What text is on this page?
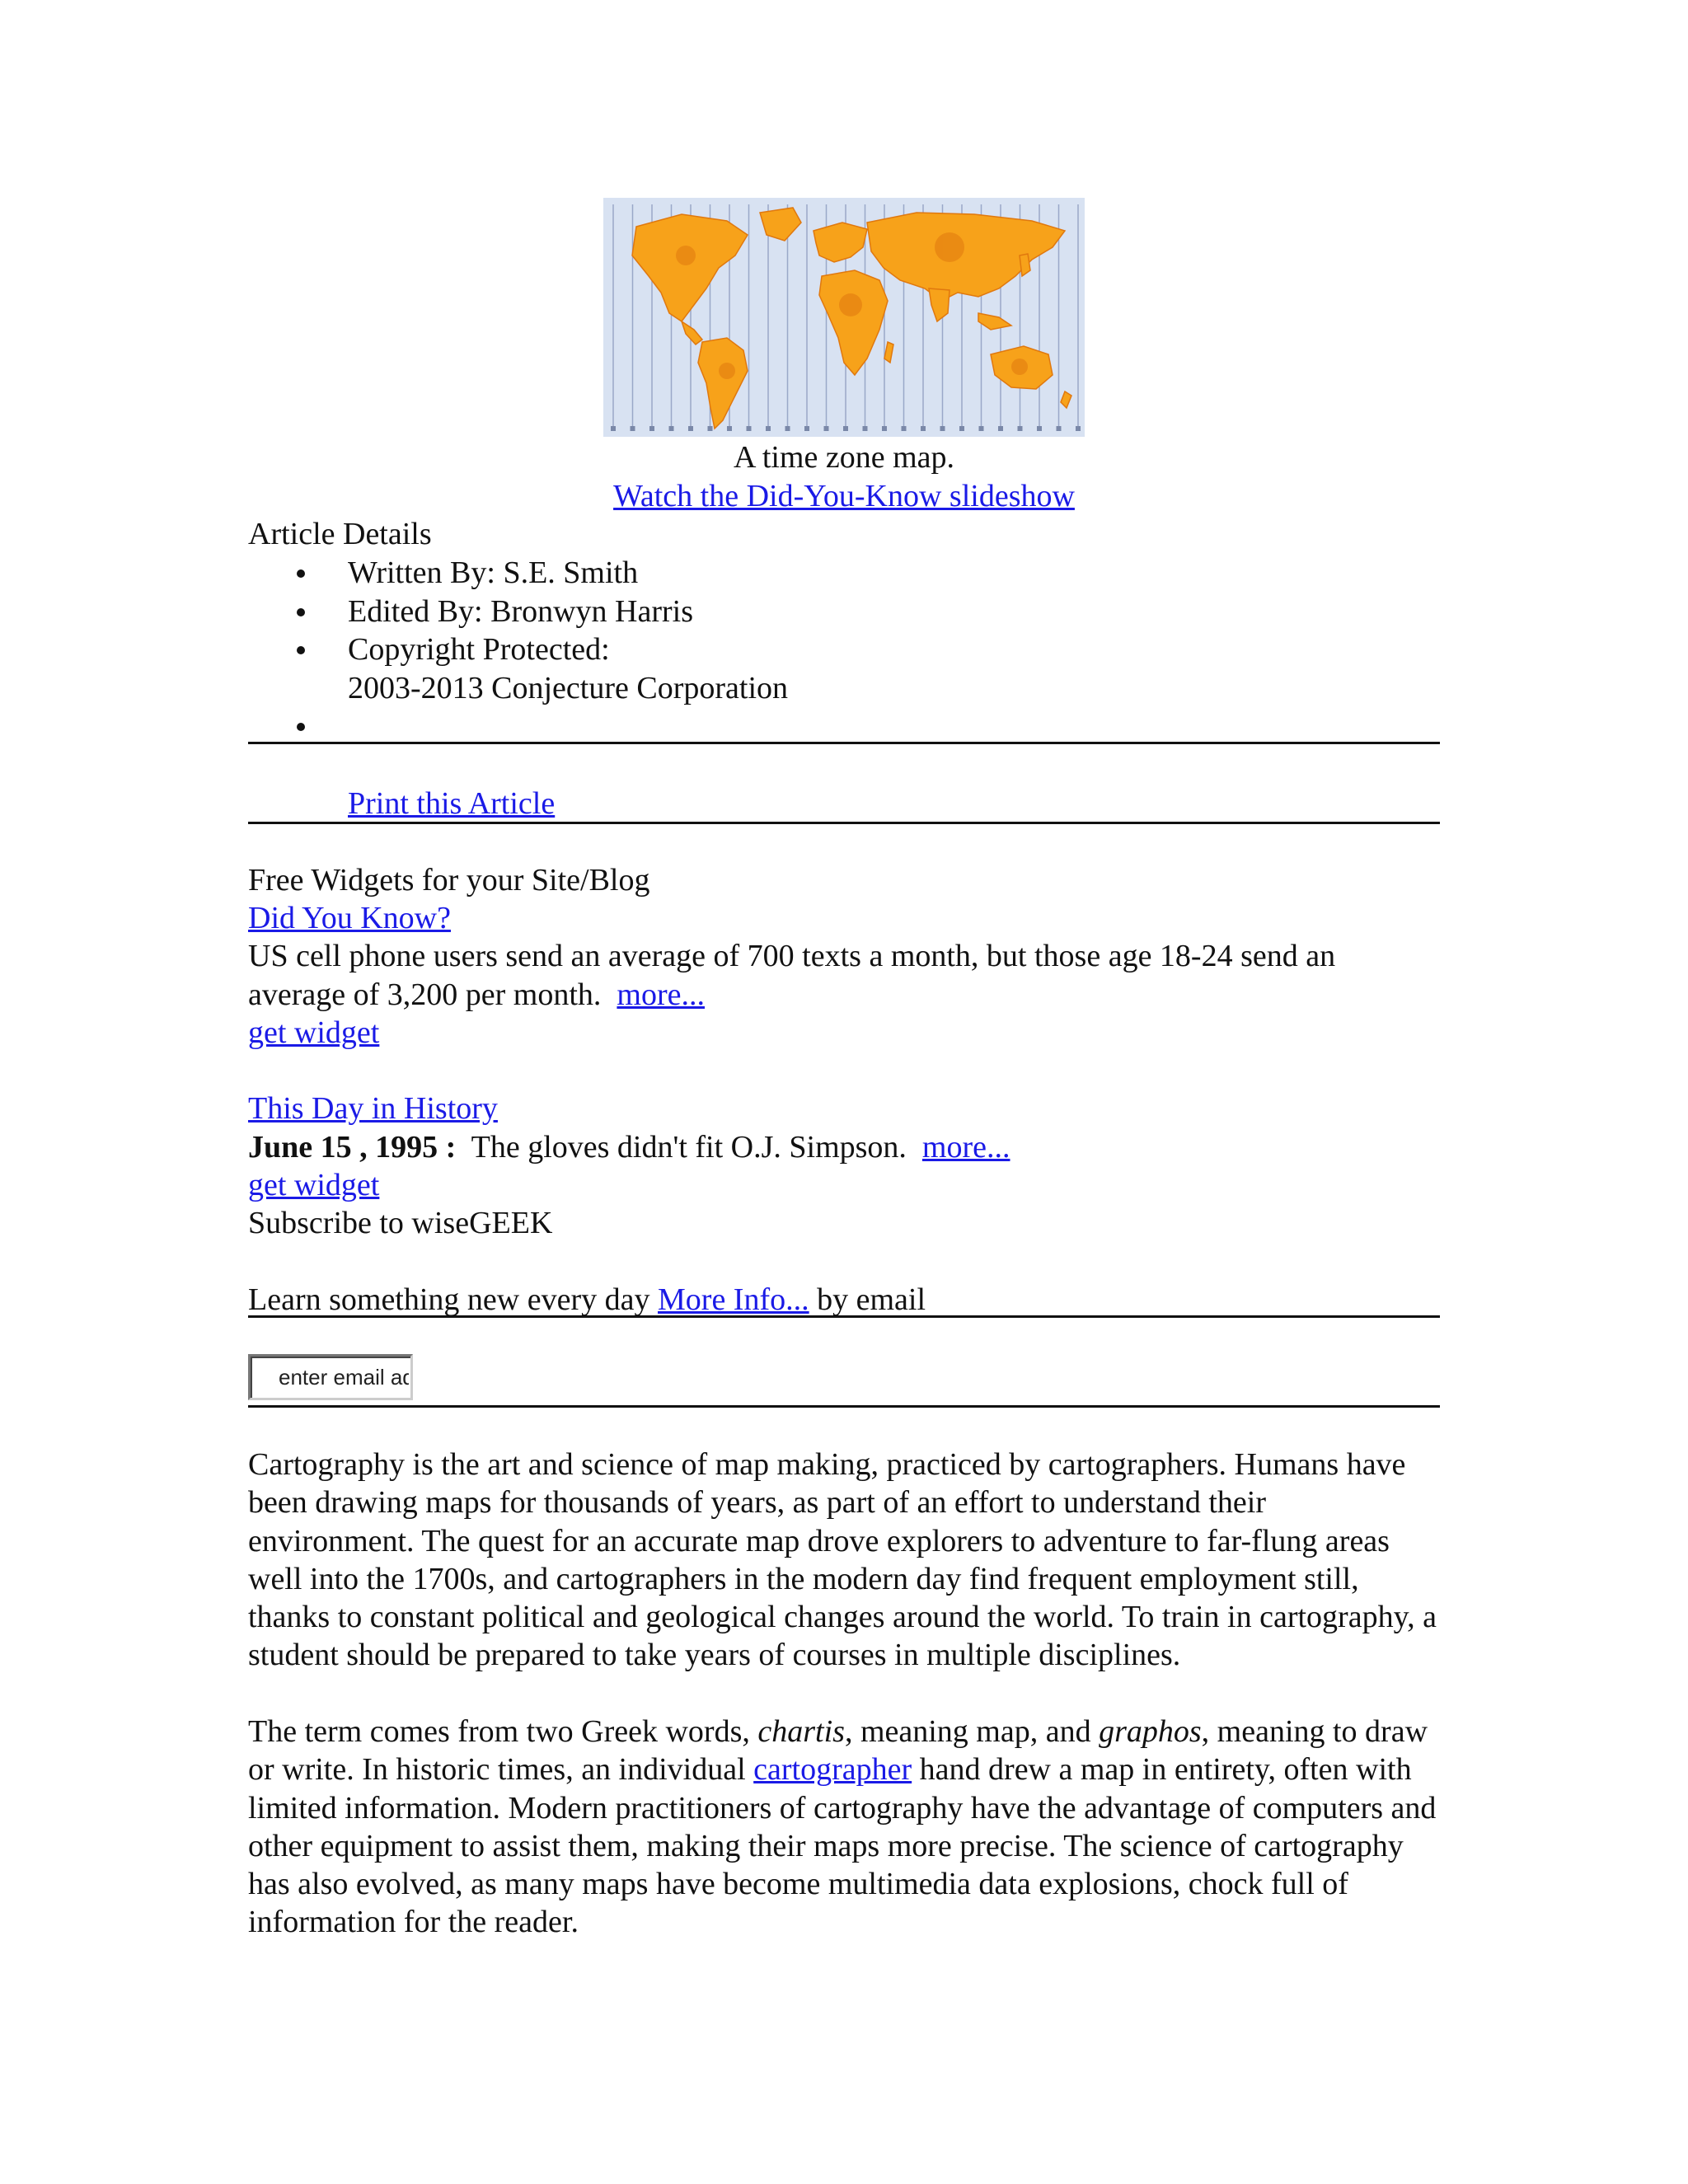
A time zone map.
Watch the Did-You-Know slideshow
Article Details
Written By: S.E. Smith
Edited By: Bronwyn Harris
Copyright Protected:
2003-2013 Conjecture Corporation

Print this Article
Free Widgets for your Site/Blog
Did You Know?
US cell phone users send an average of 700 texts a month, but those age 18-24 send an average of 3,200 per month. more...
get widget
This Day in History
June 15 , 1995 : The gloves didn't fit O.J. Simpson. more...
get widget
Subscribe to wiseGEEK
Learn something new every day More Info... by email
enter email address

Cartography is the art and science of map making, practiced by cartographers. Humans have been drawing maps for thousands of years, as part of an effort to understand their environment. The quest for an accurate map drove explorers to adventure to far-flung areas well into the 1700s, and cartographers in the modern day find frequent employment still, thanks to constant political and geological changes around the world. To train in cartography, a student should be prepared to take years of courses in multiple disciplines.

The term comes from two Greek words, chartis, meaning map, and graphos, meaning to draw or write. In historic times, an individual cartographer hand drew a map in entirety, often with limited information. Modern practitioners of cartography have the advantage of computers and other equipment to assist them, making their maps more precise. The science of cartography has also evolved, as many maps have become multimedia data explosions, chock full of information for the reader.
